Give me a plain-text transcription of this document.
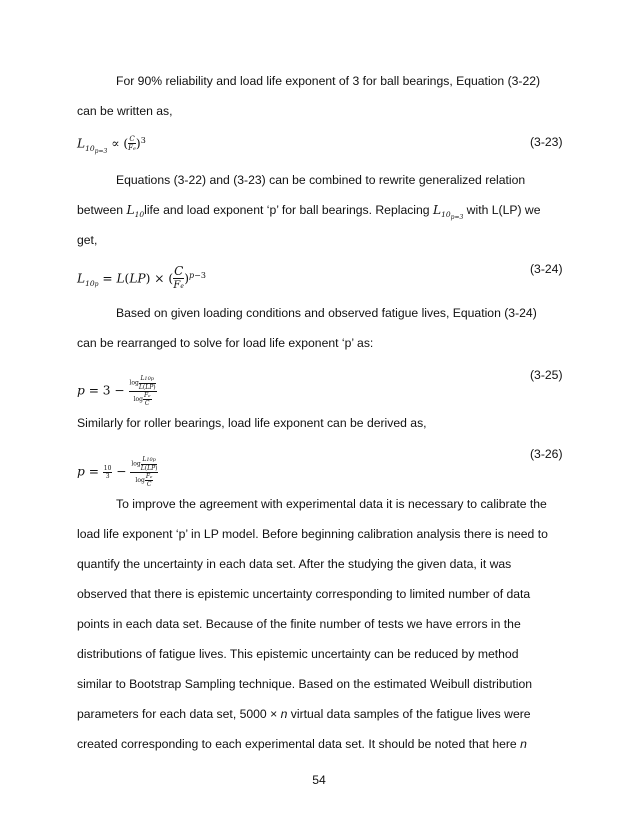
For 90% reliability and load life exponent of 3 for ball bearings, Equation (3-22)
can be written as,
$L_{10_{p=3}}$ ∝ ( $\frac{C}{Fe} )^3$	(3-23)
Equations (3-22) and (3-23) can be combined to rewrite generalized relation
between $L_{10}life$ and load exponent ‘p’ for ball bearings. Replacing $L_{10_{p=3}}$ with L(LP) we
get,
$L_{10p} = L(LP)$ × ( $\frac{C}{Fe} )^{p-3}$	(3-24)
Based on given loading conditions and observed fatigue lives, Equation (3-24)
can be rearranged to solve for load life exponent ‘p’ as:
$p = 3 - \frac{\log \frac{L10p}{L(LP)}}{\log \frac{Fe}{C}}$	(3-25)
Similarly for roller bearings, load life exponent can be derived as,
$p = \frac{10}{3} - \frac{\log \frac{L10p}{L(LP)}}{\log \frac{Fe}{C}}$
(3-26)
To improve the agreement with experimental data it is necessary to calibrate the
load life exponent ‘p’ in LP model. Before beginning calibration analysis there is need to
quantify the uncertainty in each data set. After the studying the given data, it was
observed that there is epistemic uncertainty corresponding to limited number of data
points in each data set. Because of the finite number of tests we have errors in the
distributions of fatigue lives. This epistemic uncertainty can be reduced by method
similar to Bootstrap Sampling technique. Based on the estimated Weibull distribution
parameters for each data set, 5000 × n virtual data samples of the fatigue lives were
created corresponding to each experimental data set. It should be noted that here n
54
